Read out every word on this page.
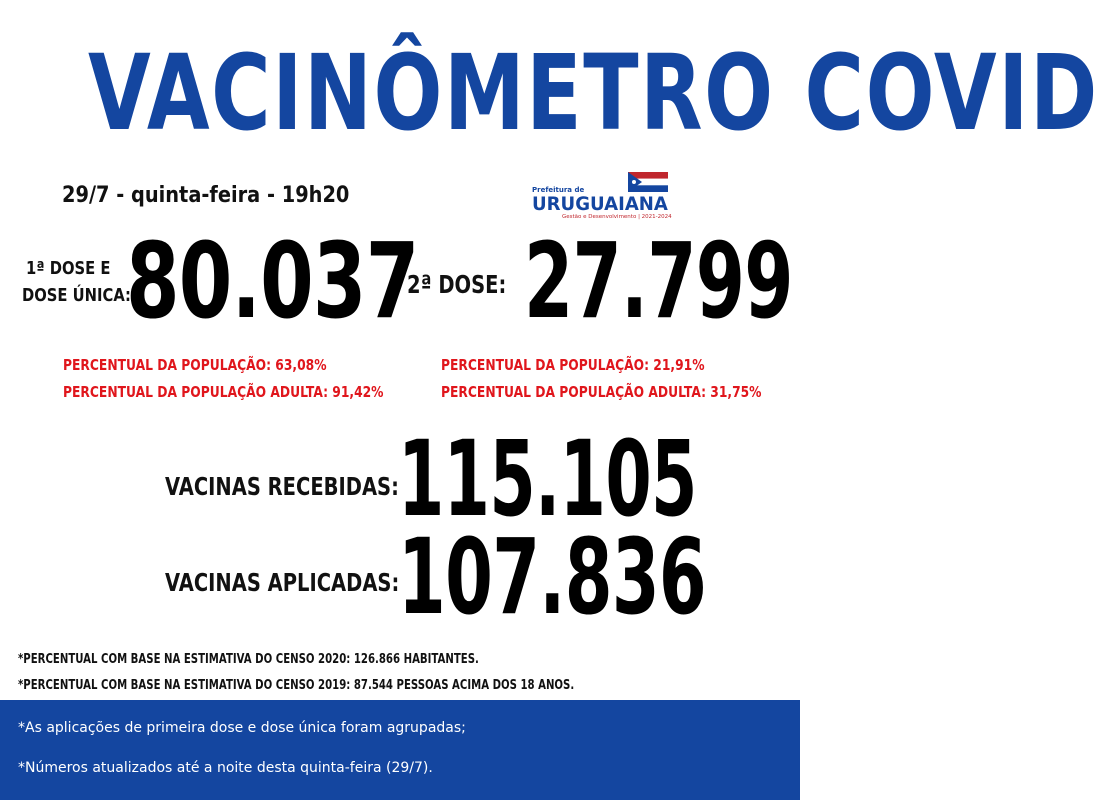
VACINÔMETRO COVID
29/7 - quinta-feira - 19h20	Prefeitura de
URUGUAIANA
Gestão e Desenvolvimento | 2021-2024
1ª DOSE E
DOSE ÚNICA:
80.037
2ª DOSE: 27.799
PERCENTUAL DA POPULAÇÃO: 63,08%
PERCENTUAL DA POPULAÇÃO ADULTA: 91,42%
PERCENTUAL DA POPULAÇÃO: 21,91%
PERCENTUAL DA POPULAÇÃO ADULTA: 31,75%
VACINAS RECEBIDAS: 115.105
VACINAS APLICADAS:
107.836
*PERCENTUAL COM BASE NA ESTIMATIVA DO CENSO 2020: 126.866 HABITANTES.
*PERCENTUAL COM BASE NA ESTIMATIVA DO CENSO 2019: 87.544 PESSOAS ACIMA DOS 18 ANOS.
*As aplicações de primeira dose e dose única foram agrupadas;
*Números atualizados até a noite desta quinta-feira (29/7).
